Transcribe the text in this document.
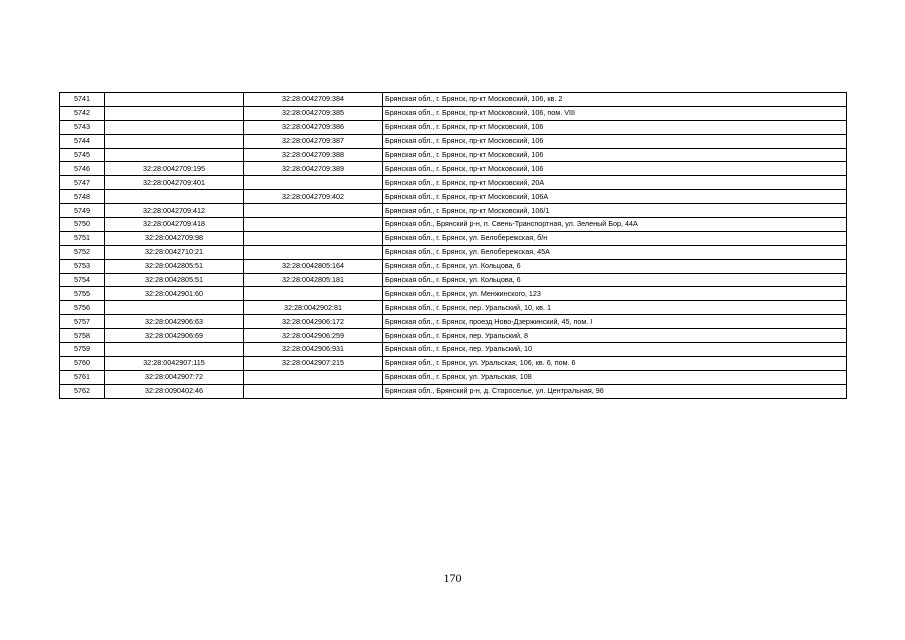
5741		32:28:0042709:384	Брянская обл., г. Брянск, пр-кт Московский, 106, кв. 2
5742		32:28:0042709:385	Брянская обл., г. Брянск, пр-кт Московский, 106, пом. VIII
5743		32:28:0042709:386	Брянская обл., г. Брянск, пр-кт Московский, 106
5744		32:28:0042709:387	Брянская обл., г. Брянск, пр-кт Московский, 106
5745		32:28:0042709:388	Брянская обл., г. Брянск, пр-кт Московский, 106
5746	32:28:0042709:195	32:28:0042709:389	Брянская обл., г. Брянск, пр-кт Московский, 106
5747	32:28:0042709:401		Брянская обл., г. Брянск, пр-кт Московский, 20А
5748		32:28:0042709:402	Брянская обл., г. Брянск, пр-кт Московский, 106А
5749	32:28:0042709:412		Брянская обл., г. Брянск, пр-кт Московский, 106/1
5750	32:28:0042709:418		Брянская обл., Брянский р-н, п. Свень-Транспортная, ул. Зеленый Бор, 44А
5751	32:28:0042709:98		Брянская обл., г. Брянск, ул. Белобережская, б/н
5752	32:28:0042710:21		Брянская обл., г. Брянск, ул. Белобережская, 45А
5753	32:28:0042805:51	32:28:0042805:164	Брянская обл., г. Брянск, ул. Кольцова, 6
5754	32:28:0042805:51	32:28:0042805:181	Брянская обл., г. Брянск, ул. Кольцова, 6
5755	32:28:0042901:60		Брянская обл., г. Брянск, ул. Менжинского, 123
5756		32:28:0042902:81	Брянская обл., г. Брянск, пер. Уральский, 10, кв. 1
5757	32:28:0042906:63	32:28:0042906:172	Брянская обл., г. Брянск, проезд Ново-Дзержинский, 45, пом. I
5758	32:28:0042906:69	32:28:0042906:259	Брянская обл., г. Брянск, пер. Уральский, 8
5759		32:28:0042906:931	Брянская обл., г. Брянск, пер. Уральский, 10
5760	32:28:0042907:115	32:28:0042907:215	Брянская обл., г. Брянск, ул. Уральская, 106, кв. 6, пом. 6
5761	32:28:0042907:72		Брянская обл., г. Брянск, ул. Уральская, 108
5762	32:28:0090402:46		Брянская обл., Брянский р-н, д. Староселье, ул. Центральная, 96
170
